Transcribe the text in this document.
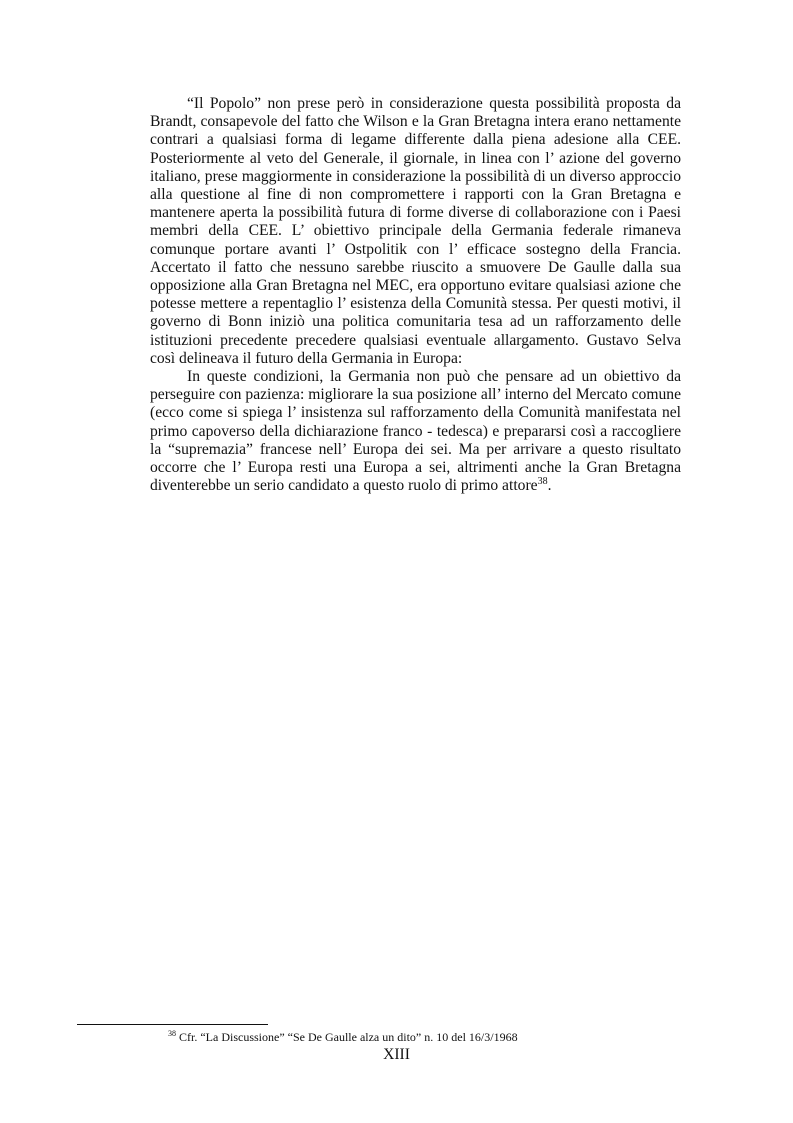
“Il Popolo” non prese però in considerazione questa possibilità proposta da Brandt, consapevole del fatto che Wilson e la Gran Bretagna intera erano nettamente contrari a qualsiasi forma di legame differente dalla piena adesione alla CEE. Posteriormente al veto del Generale, il giornale, in linea con l’ azione del governo italiano, prese maggiormente in considerazione la possibilità di un diverso approccio alla questione al fine di non compromettere i rapporti con la Gran Bretagna e mantenere aperta la possibilità futura di forme diverse di collaborazione con i Paesi membri della CEE. L’ obiettivo principale della Germania federale rimaneva comunque portare avanti l’ Ostpolitik con l’ efficace sostegno della Francia. Accertato il fatto che nessuno sarebbe riuscito a smuovere De Gaulle dalla sua opposizione alla Gran Bretagna nel MEC, era opportuno evitare qualsiasi azione che potesse mettere a repentaglio l’ esistenza della Comunità stessa. Per questi motivi, il governo di Bonn iniziò una politica comunitaria tesa ad un rafforzamento delle istituzioni precedente precedere qualsiasi eventuale allargamento. Gustavo Selva così delineava il futuro della Germania in Europa:

In queste condizioni, la Germania non può che pensare ad un obiettivo da perseguire con pazienza: migliorare la sua posizione all’ interno del Mercato comune (ecco come si spiega l’ insistenza sul rafforzamento della Comunità manifestata nel primo capoverso della dichiarazione franco - tedesca) e prepararsi così a raccogliere la “supremazia” francese nell’ Europa dei sei. Ma per arrivare a questo risultato occorre che l’ Europa resti una Europa a sei, altrimenti anche la Gran Bretagna diventerebbe un serio candidato a questo ruolo di primo attore$^{38}$.

$^{38}$ Cfr. “La Discussione” “Se De Gaulle alza un dito” n. 10 del 16/3/1968
XIII
